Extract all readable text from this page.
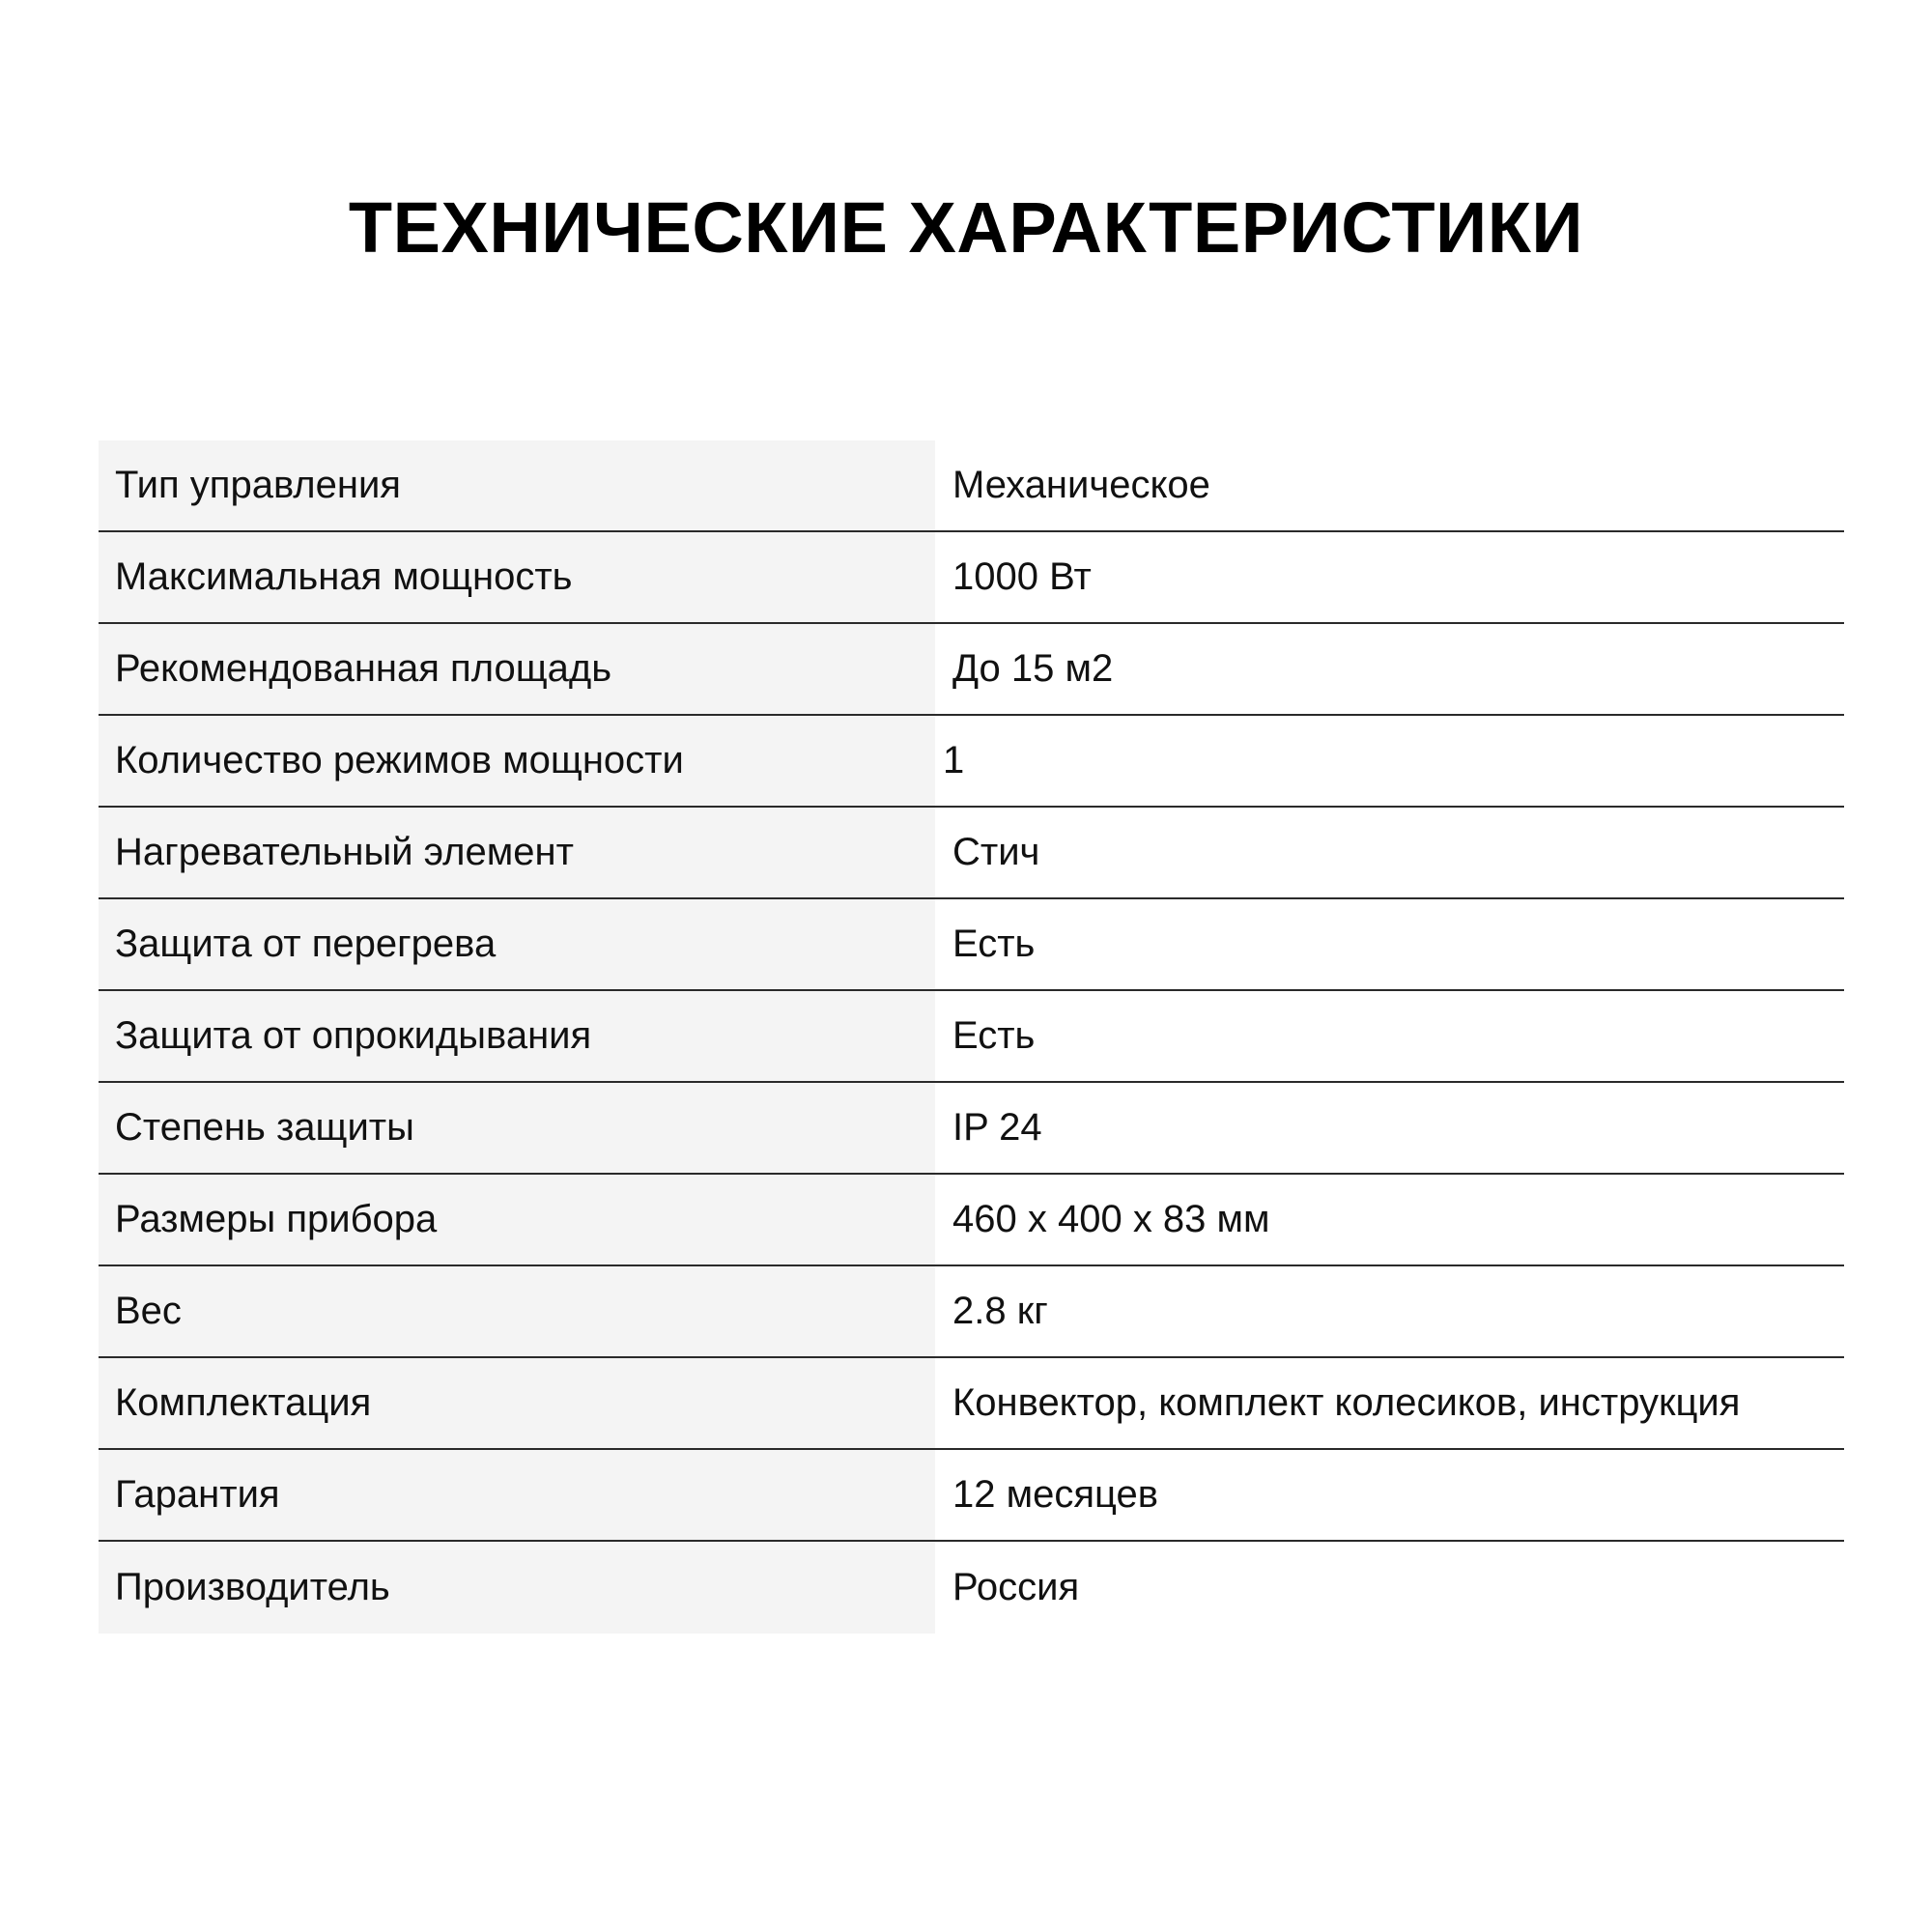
ТЕХНИЧЕСКИЕ ХАРАКТЕРИСТИКИ
Тип управления	Механическое
Максимальная мощность	1000 Вт
Рекомендованная площадь	До 15 м2
Количество режимов мощности	1
Нагревательный элемент	Стич
Защита от перегрева	Есть
Защита от опрокидывания	Есть
Степень защиты	IP 24
Размеры прибора	460 x 400 x 83 мм
Вес	2.8 кг
Комплектация	Конвектор, комплект колесиков, инструкция
Гарантия	12 месяцев
Производитель	Россия
